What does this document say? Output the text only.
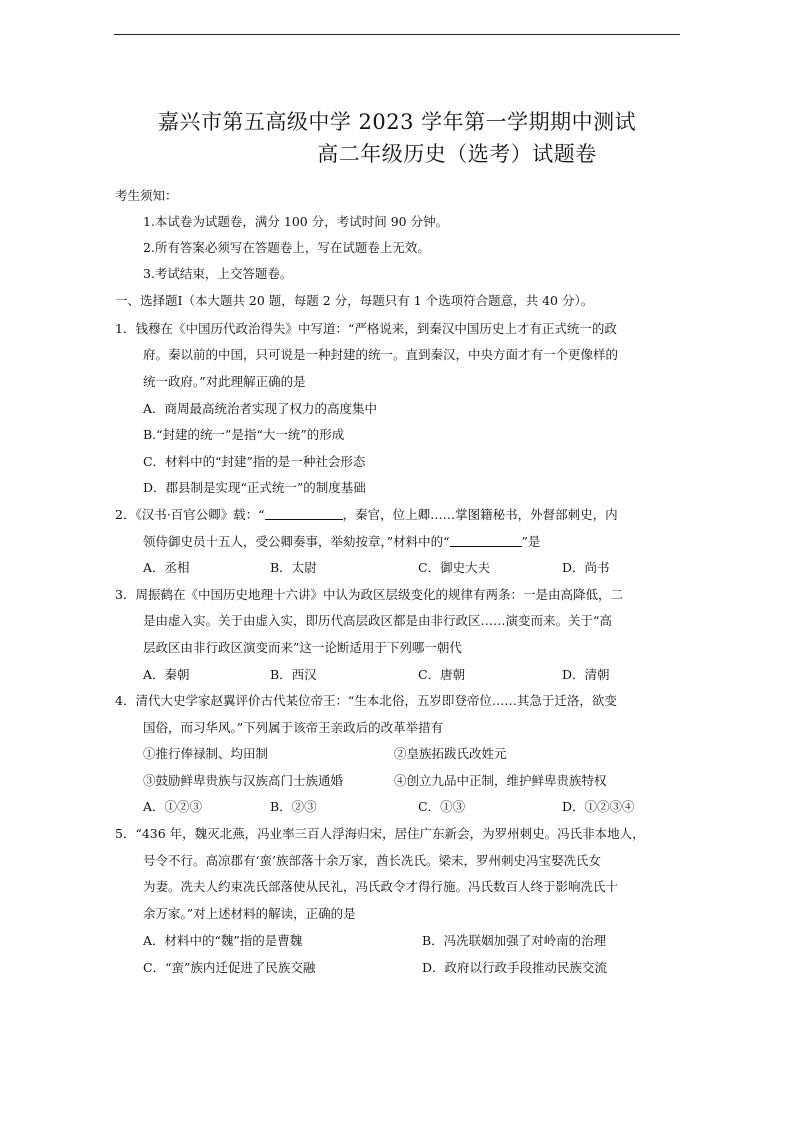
嘉兴市第五高级中学 2023 学年第一学期期中测试
高二年级历史（选考）试题卷
考生须知：
1.本试卷为试题卷，满分 100 分，考试时间 90 分钟。
2.所有答案必须写在答题卷上，写在试题卷上无效。
3.考试结束，上交答题卷。
一、选择题Ⅰ（本大题共 20 题，每题 2 分，每题只有 1 个选项符合题意，共 40 分）。
1．钱穆在《中国历代政治得失》中写道：“严格说来，到秦汉中国历史上才有正式统一的政
府。秦以前的中国，只可说是一种封建的统一。直到秦汉，中央方面才有一个更像样的
统一政府。”对此理解正确的是
A．商周最高统治者实现了权力的高度集中
B.“封建的统一”是指“大一统”的形成
C．材料中的“封建”指的是一种社会形态
D．郡县制是实现“正式统一”的制度基础
2．《汉书·百官公卿》载：“	，秦官，位上卿……掌图籍秘书，外督部刺史，内
领侍御史员十五人，受公卿奏事，举劾按章，”材料中的“	”是
A．丞相	B．太尉	C．御史大夫	D．尚书
3．周振鹤在《中国历史地理十六讲》中认为政区层级变化的规律有两条：一是由高降低，二
是由虚入实。关于由虚入实，即历代高层政区都是由非行政区……演变而来。关于“高
层政区由非行政区演变而来”这一论断适用于下列哪一朝代
A．秦朝	B．西汉	C．唐朝	D．清朝
4．清代大史学家赵翼评价古代某位帝王：“生本北俗，五岁即登帝位……其急于迁洛，欲变
国俗，而习华风。”下列属于该帝王亲政后的改革举措有
①推行俸禄制、均田制	②皇族拓跋氏改姓元
③鼓励鲜卑贵族与汉族高门士族通婚	④创立九品中正制，维护鲜卑贵族特权
A．①②③	B．②③	C．①③	D．①②③④
5．“436 年，魏灭北燕，冯业率三百人浮海归宋，居住广东新会，为罗州刺史。冯氏非本地人，
号令不行。高凉郡有‘蛮’族部落十余万家，酋长冼氏。梁末，罗州刺史冯宝娶冼氏女
为妻。冼夫人约束冼氏部落使从民礼，冯氏政令才得行施。冯氏数百人终于影响冼氏十
余万家。”对上述材料的解读，正确的是
A．材料中的“魏”指的是曹魏	B．冯冼联姻加强了对岭南的治理
C．“蛮”族内迁促进了民族交融	D．政府以行政手段推动民族交流
